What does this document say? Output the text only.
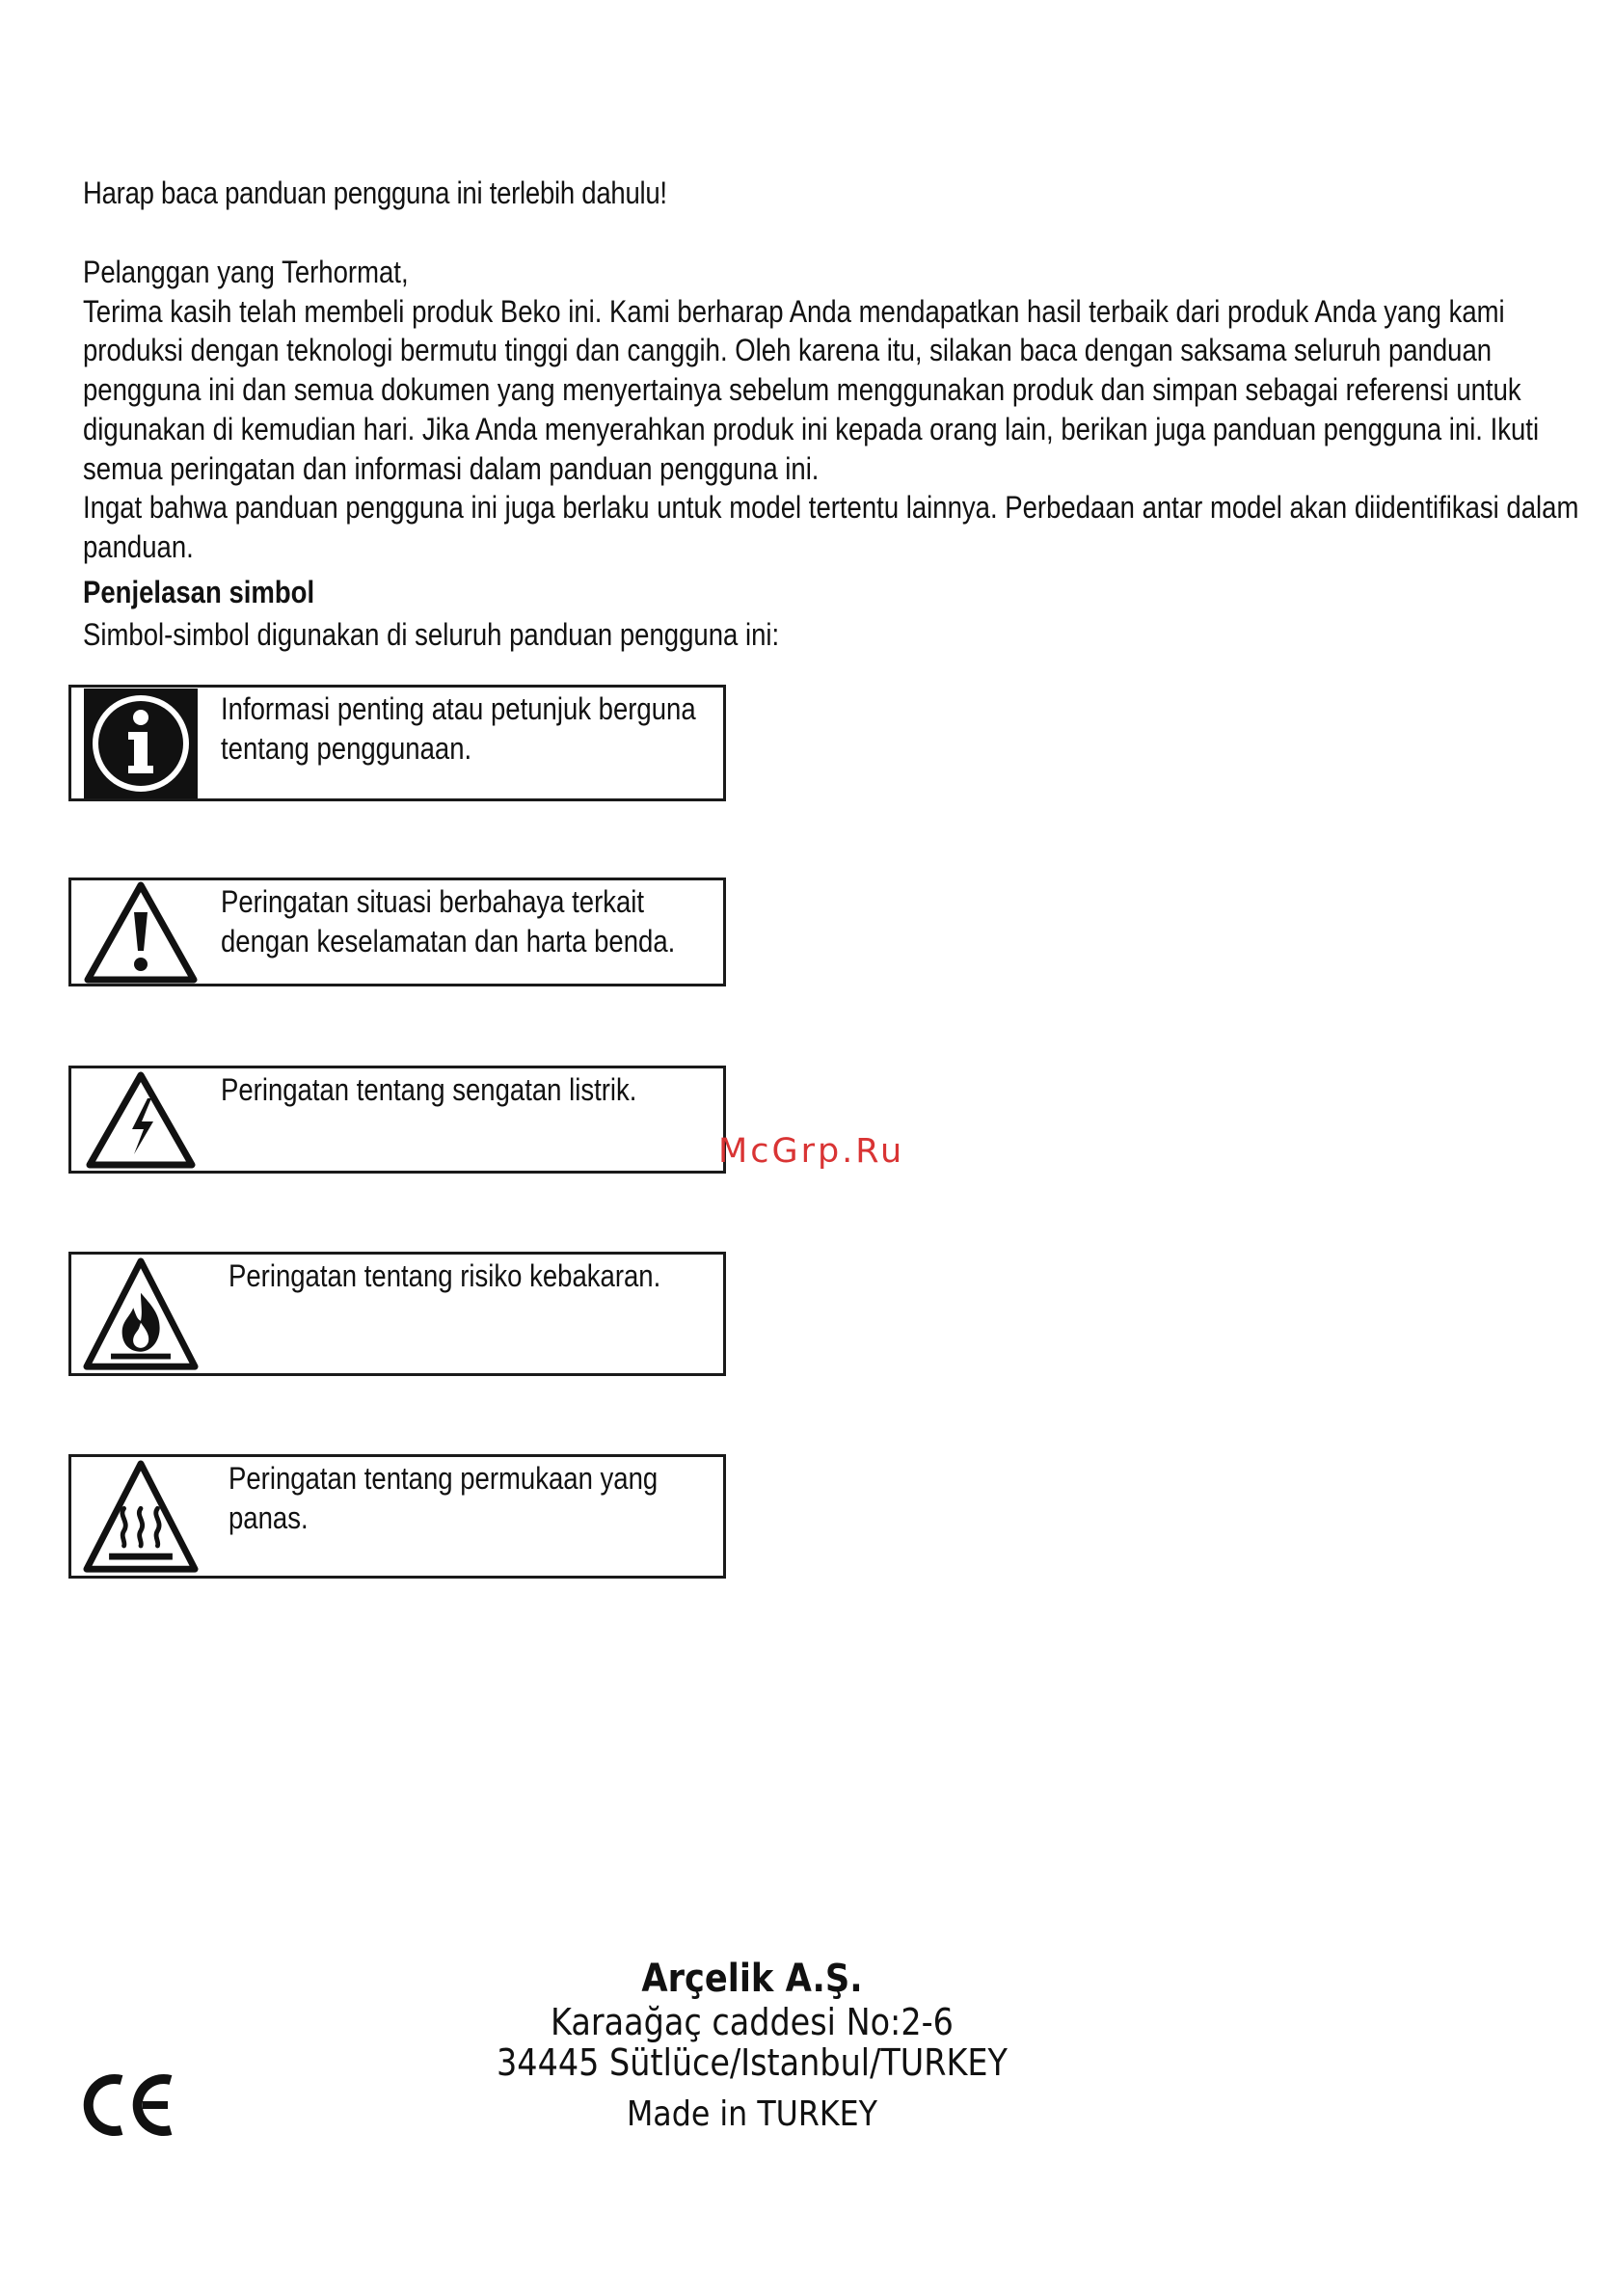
Harap baca panduan pengguna ini terlebih dahulu!

Pelanggan yang Terhormat,

Terima kasih telah membeli produk Beko ini. Kami berharap Anda mendapatkan hasil terbaik dari produk Anda yang kami produksi dengan teknologi bermutu tinggi dan canggih. Oleh karena itu, silakan baca dengan saksama seluruh panduan pengguna ini dan semua dokumen yang menyertainya sebelum menggunakan produk dan simpan sebagai referensi untuk digunakan di kemudian hari. Jika Anda menyerahkan produk ini kepada orang lain, berikan juga panduan pengguna ini. Ikuti semua peringatan dan informasi dalam panduan pengguna ini.

Ingat bahwa panduan pengguna ini juga berlaku untuk model tertentu lainnya. Perbedaan antar model akan diidentifikasi dalam panduan.

Penjelasan simbol
Simbol-simbol digunakan di seluruh panduan pengguna ini:
Informasi penting atau petunjuk berguna tentang penggunaan.
Peringatan situasi berbahaya terkait dengan keselamatan dan harta benda.
Peringatan tentang sengatan listrik.
Peringatan tentang risiko kebakaran.
Peringatan tentang permukaan yang panas.
McGrp.Ru
Arçelik A.Ş.
Karaağaç caddesi No:2-6
34445 Sütlüce/Istanbul/TURKEY
Made in TURKEY
